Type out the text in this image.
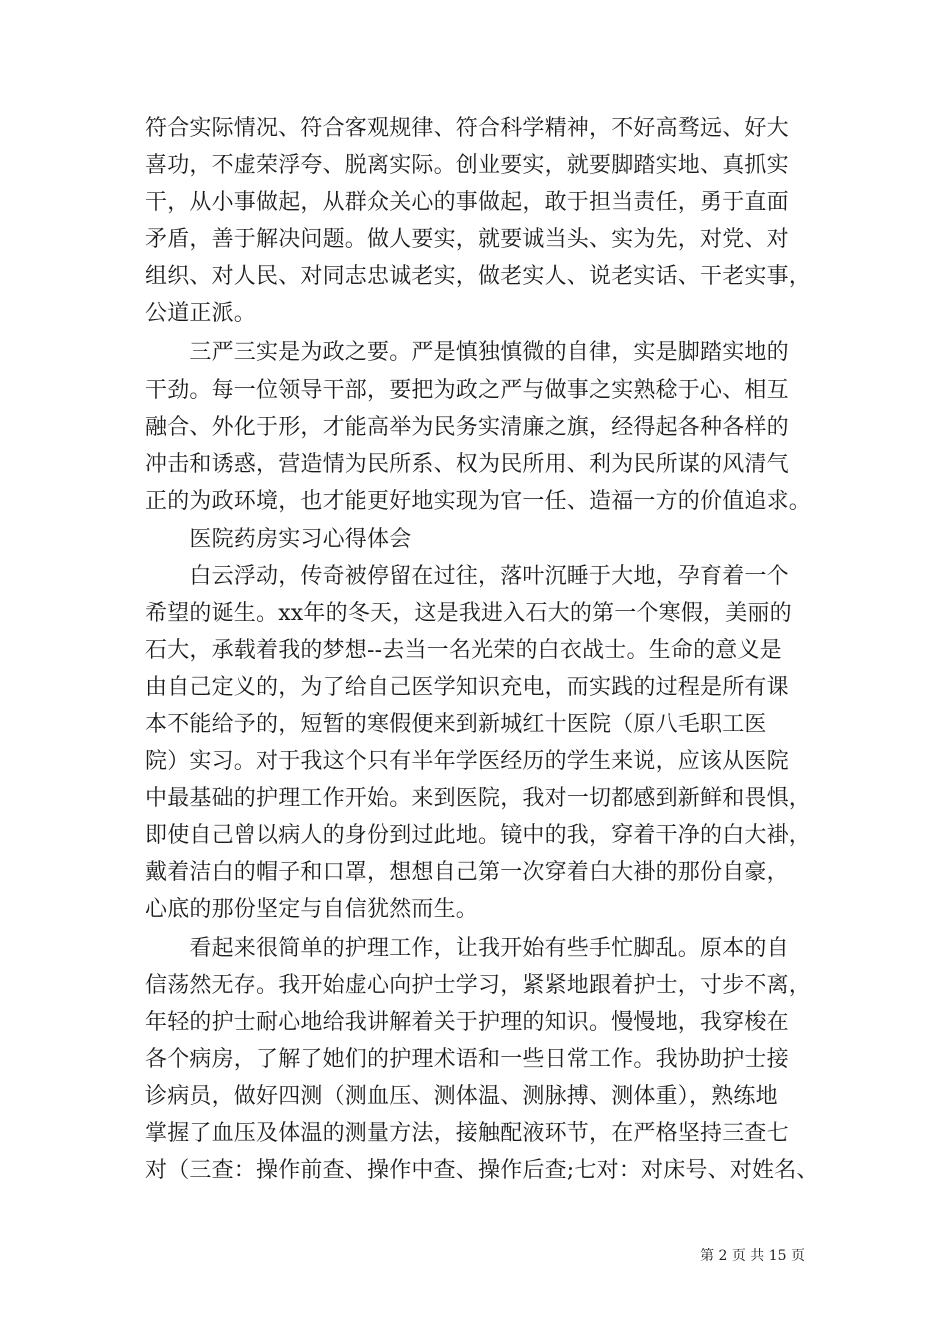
符合实际情况、符合客观规律、符合科学精神，不好高骛远、好大
喜功，不虚荣浮夸、脱离实际。创业要实，就要脚踏实地、真抓实
干，从小事做起，从群众关心的事做起，敢于担当责任，勇于直面
矛盾，善于解决问题。做人要实，就要诚当头、实为先，对党、对
组织、对人民、对同志忠诚老实，做老实人、说老实话、干老实事，
公道正派。
　　三严三实是为政之要。严是慎独慎微的自律，实是脚踏实地的
干劲。每一位领导干部，要把为政之严与做事之实熟稔于心、相互
融合、外化于形，才能高举为民务实清廉之旗，经得起各种各样的
冲击和诱惑，营造情为民所系、权为民所用、利为民所谋的风清气
正的为政环境，也才能更好地实现为官一任、造福一方的价值追求。
　　医院药房实习心得体会
　　白云浮动，传奇被停留在过往，落叶沉睡于大地，孕育着一个
希望的诞生。xx年的冬天，这是我进入石大的第一个寒假，美丽的
石大，承载着我的梦想--去当一名光荣的白衣战士。生命的意义是
由自己定义的，为了给自己医学知识充电，而实践的过程是所有课
本不能给予的，短暂的寒假便来到新城红十医院（原八毛职工医
院）实习。对于我这个只有半年学医经历的学生来说，应该从医院
中最基础的护理工作开始。来到医院，我对一切都感到新鲜和畏惧，
即使自己曾以病人的身份到过此地。镜中的我，穿着干净的白大褂，
戴着洁白的帽子和口罩，想想自己第一次穿着白大褂的那份自豪，
心底的那份坚定与自信犹然而生。
　　看起来很简单的护理工作，让我开始有些手忙脚乱。原本的自
信荡然无存。我开始虚心向护士学习，紧紧地跟着护士，寸步不离，
年轻的护士耐心地给我讲解着关于护理的知识。慢慢地，我穿梭在
各个病房，了解了她们的护理术语和一些日常工作。我协助护士接
诊病员，做好四测（测血压、测体温、测脉搏、测体重），熟练地
掌握了血压及体温的测量方法，接触配液环节，在严格坚持三查七
对（三查：操作前查、操作中查、操作后查;七对：对床号、对姓名、
第 2 页 共 15 页
